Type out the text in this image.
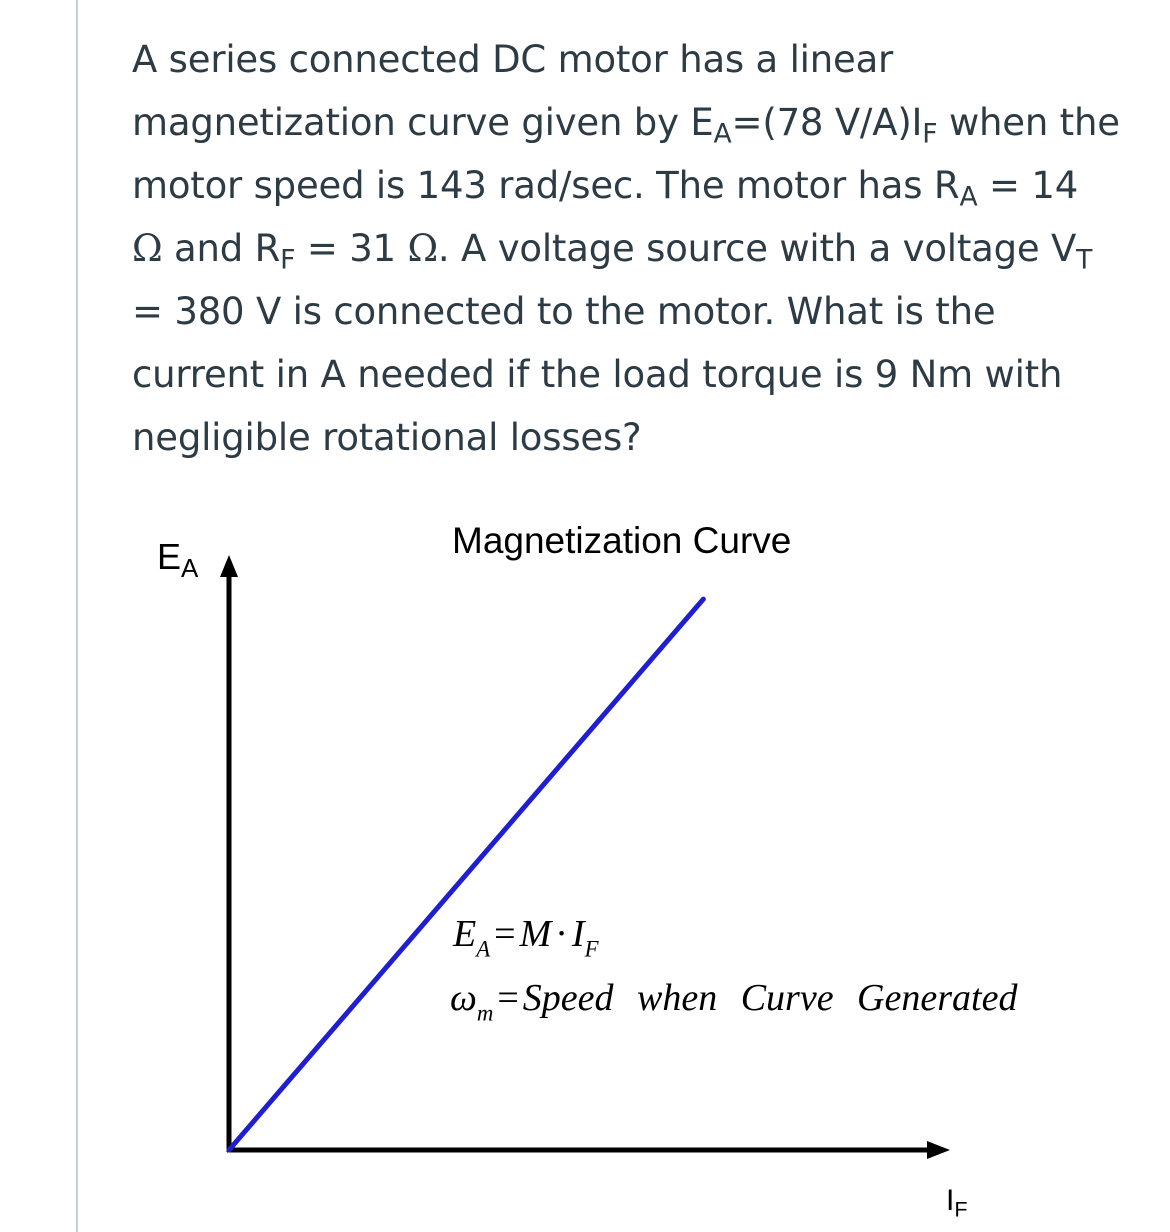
A series connected DC motor has a linear
magnetization curve given by $E_A=(78$ $V/A)I_F$ when the
motor speed is 143 rad/sec. The motor has $R_A = 14$
Ω and $R_F = 31$ Ω. A voltage source with a voltage $V_T$
= 380 V is connected to the motor. What is the
current in A needed if the load torque is 9 Nm with
negligible rotational losses?
Magnetization Curve
$E_A$
$I_F$
$E_A = M \cdot I_F$
$\omega_m$ = Speed when Curve Generated
